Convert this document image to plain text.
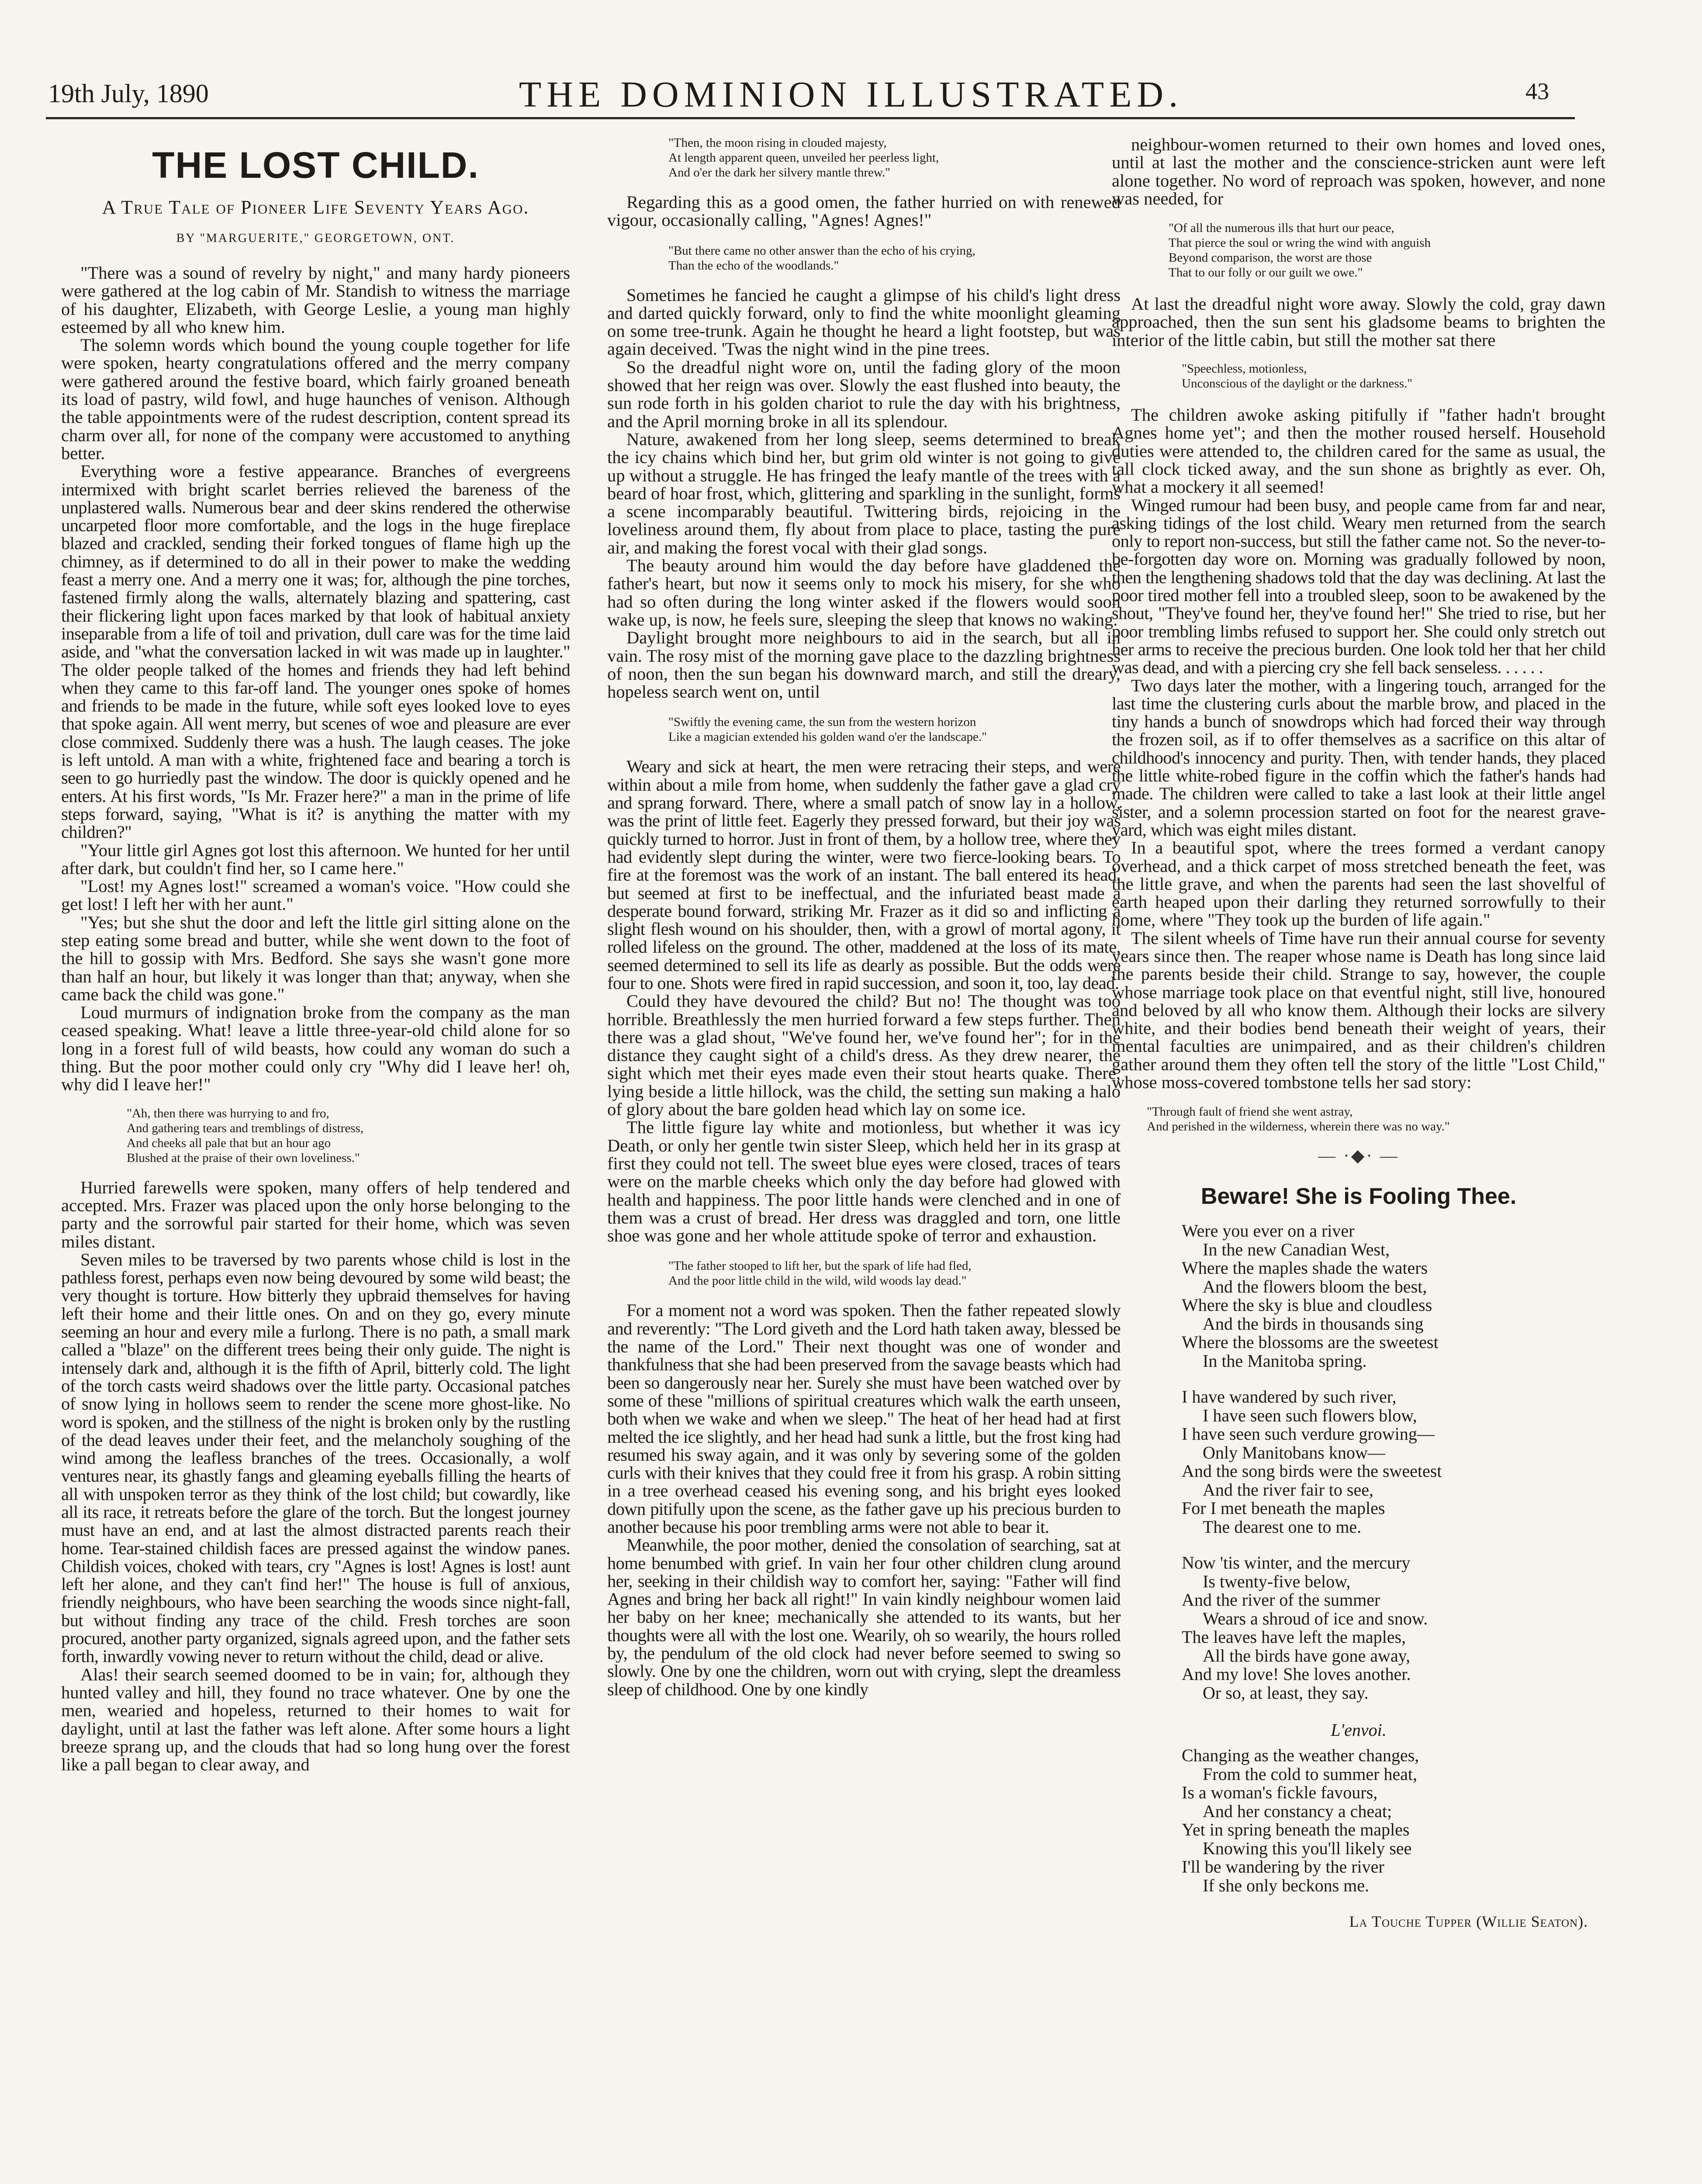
19th July, 1890	THE DOMINION ILLUSTRATED.	43
THE LOST CHILD.
A True Tale of Pioneer Life Seventy Years Ago.
BY "MARGUERITE," GEORGETOWN, ONT.

"There was a sound of revelry by night," and many hardy pioneers were gathered at the log cabin of Mr. Standish to witness the marriage of his daughter, Elizabeth, with George Leslie, a young man highly esteemed by all who knew him.

The solemn words which bound the young couple together for life were spoken, hearty congratulations offered and the merry company were gathered around the festive board, which fairly groaned beneath its load of pastry, wild fowl, and huge haunches of venison. Although the table appointments were of the rudest description, content spread its charm over all, for none of the company were accustomed to anything better.

Everything wore a festive appearance. Branches of evergreens intermixed with bright scarlet berries relieved the bareness of the unplastered walls. Numerous bear and deer skins rendered the otherwise uncarpeted floor more comfortable, and the logs in the huge fireplace blazed and crackled, sending their forked tongues of flame high up the chimney, as if determined to do all in their power to make the wedding feast a merry one. And a merry one it was; for, although the pine torches, fastened firmly along the walls, alternately blazing and spattering, cast their flickering light upon faces marked by that look of habitual anxiety inseparable from a life of toil and privation, dull care was for the time laid aside, and "what the conversation lacked in wit was made up in laughter." The older people talked of the homes and friends they had left behind when they came to this far-off land. The younger ones spoke of homes and friends to be made in the future, while soft eyes looked love to eyes that spoke again. All went merry, but scenes of woe and pleasure are ever close commixed. Suddenly there was a hush. The laugh ceases. The joke is left untold. A man with a white, frightened face and bearing a torch is seen to go hurriedly past the window. The door is quickly opened and he enters. At his first words, "Is Mr. Frazer here?" a man in the prime of life steps forward, saying, "What is it? is anything the matter with my children?"

"Your little girl Agnes got lost this afternoon. We hunted for her until after dark, but couldn't find her, so I came here."

"Lost! my Agnes lost!" screamed a woman's voice. "How could she get lost! I left her with her aunt."

"Yes; but she shut the door and left the little girl sitting alone on the step eating some bread and butter, while she went down to the foot of the hill to gossip with Mrs. Bedford. She says she wasn't gone more than half an hour, but likely it was longer than that; anyway, when she came back the child was gone."

Loud murmurs of indignation broke from the company as the man ceased speaking. What! leave a little three-year-old child alone for so long in a forest full of wild beasts, how could any woman do such a thing. But the poor mother could only cry "Why did I leave her! oh, why did I leave her!"

"Ah, then there was hurrying to and fro,
And gathering tears and tremblings of distress,
And cheeks all pale that but an hour ago
Blushed at the praise of their own loveliness."

Hurried farewells were spoken, many offers of help tendered and accepted. Mrs. Frazer was placed upon the only horse belonging to the party and the sorrowful pair started for their home, which was seven miles distant.

Seven miles to be traversed by two parents whose child is lost in the pathless forest, perhaps even now being devoured by some wild beast; the very thought is torture. How bitterly they upbraid themselves for having left their home and their little ones. On and on they go, every minute seeming an hour and every mile a furlong. There is no path, a small mark called a "blaze" on the different trees being their only guide. The night is intensely dark and, although it is the fifth of April, bitterly cold. The light of the torch casts weird shadows over the little party. Occasional patches of snow lying in hollows seem to render the scene more ghost-like. No word is spoken, and the stillness of the night is broken only by the rustling of the dead leaves under their feet, and the melancholy soughing of the wind among the leafless branches of the trees. Occasionally, a wolf ventures near, its ghastly fangs and gleaming eyeballs filling the hearts of all with unspoken terror as they think of the lost child; but cowardly, like all its race, it retreats before the glare of the torch. But the longest journey must have an end, and at last the almost distracted parents reach their home. Tear-stained childish faces are pressed against the window panes. Childish voices, choked with tears, cry "Agnes is lost! Agnes is lost! aunt left her alone, and they can't find her!" The house is full of anxious, friendly neighbours, who have been searching the woods since night-fall, but without finding any trace of the child. Fresh torches are soon procured, another party organized, signals agreed upon, and the father sets forth, inwardly vowing never to return without the child, dead or alive.

Alas! their search seemed doomed to be in vain; for, although they hunted valley and hill, they found no trace whatever. One by one the men, wearied and hopeless, returned to their homes to wait for daylight, until at last the father was left alone. After some hours a light breeze sprang up, and the clouds that had so long hung over the forest like a pall began to clear away, and

"Then, the moon rising in clouded majesty,
At length apparent queen, unveiled her peerless light,
And o'er the dark her silvery mantle threw."

Regarding this as a good omen, the father hurried on with renewed vigour, occasionally calling, "Agnes! Agnes!"

"But there came no other answer than the echo of his crying,
Than the echo of the woodlands."

Sometimes he fancied he caught a glimpse of his child's light dress and darted quickly forward, only to find the white moonlight gleaming on some tree-trunk. Again he thought he heard a light footstep, but was again deceived. 'Twas the night wind in the pine trees.

So the dreadful night wore on, until the fading glory of the moon showed that her reign was over. Slowly the east flushed into beauty, the sun rode forth in his golden chariot to rule the day with his brightness, and the April morning broke in all its splendour.

Nature, awakened from her long sleep, seems determined to break the icy chains which bind her, but grim old winter is not going to give up without a struggle. He has fringed the leafy mantle of the trees with a beard of hoar frost, which, glittering and sparkling in the sunlight, forms a scene incomparably beautiful. Twittering birds, rejoicing in the loveliness around them, fly about from place to place, tasting the pure air, and making the forest vocal with their glad songs.

The beauty around him would the day before have gladdened the father's heart, but now it seems only to mock his misery, for she who had so often during the long winter asked if the flowers would soon wake up, is now, he feels sure, sleeping the sleep that knows no waking.

Daylight brought more neighbours to aid in the search, but all in vain. The rosy mist of the morning gave place to the dazzling brightness of noon, then the sun began his downward march, and still the dreary, hopeless search went on, until

"Swiftly the evening came, the sun from the western horizon
Like a magician extended his golden wand o'er the landscape."

Weary and sick at heart, the men were retracing their steps, and were within about a mile from home, when suddenly the father gave a glad cry and sprang forward. There, where a small patch of snow lay in a hollow, was the print of little feet. Eagerly they pressed forward, but their joy was quickly turned to horror. Just in front of them, by a hollow tree, where they had evidently slept during the winter, were two fierce-looking bears. To fire at the foremost was the work of an instant. The ball entered its head, but seemed at first to be ineffectual, and the infuriated beast made a desperate bound forward, striking Mr. Frazer as it did so and inflicting a slight flesh wound on his shoulder, then, with a growl of mortal agony, it rolled lifeless on the ground. The other, maddened at the loss of its mate, seemed determined to sell its life as dearly as possible. But the odds were four to one. Shots were fired in rapid succession, and soon it, too, lay dead.

Could they have devoured the child? But no! The thought was too horrible. Breathlessly the men hurried forward a few steps further. Then there was a glad shout, "We've found her, we've found her"; for in the distance they caught sight of a child's dress. As they drew nearer, the sight which met their eyes made even their stout hearts quake. There, lying beside a little hillock, was the child, the setting sun making a halo of glory about the bare golden head which lay on some ice.

The little figure lay white and motionless, but whether it was icy Death, or only her gentle twin sister Sleep, which held her in its grasp at first they could not tell. The sweet blue eyes were closed, traces of tears were on the marble cheeks which only the day before had glowed with health and happiness. The poor little hands were clenched and in one of them was a crust of bread. Her dress was draggled and torn, one little shoe was gone and her whole attitude spoke of terror and exhaustion.

"The father stooped to lift her, but the spark of life had fled,
And the poor little child in the wild, wild woods lay dead."

For a moment not a word was spoken. Then the father repeated slowly and reverently: "The Lord giveth and the Lord hath taken away, blessed be the name of the Lord." Their next thought was one of wonder and thankfulness that she had been preserved from the savage beasts which had been so dangerously near her. Surely she must have been watched over by some of these "millions of spiritual creatures which walk the earth unseen, both when we wake and when we sleep." The heat of her head had at first melted the ice slightly, and her head had sunk a little, but the frost king had resumed his sway again, and it was only by severing some of the golden curls with their knives that they could free it from his grasp. A robin sitting in a tree overhead ceased his evening song, and his bright eyes looked down pitifully upon the scene, as the father gave up his precious burden to another because his poor trembling arms were not able to bear it.

Meanwhile, the poor mother, denied the consolation of searching, sat at home benumbed with grief. In vain her four other children clung around her, seeking in their childish way to comfort her, saying: "Father will find Agnes and bring her back all right!" In vain kindly neighbour women laid her baby on her knee; mechanically she attended to its wants, but her thoughts were all with the lost one. Wearily, oh so wearily, the hours rolled by, the pendulum of the old clock had never before seemed to swing so slowly. One by one the children, worn out with crying, slept the dreamless sleep of childhood. One by one kindly

neighbour-women returned to their own homes and loved ones, until at last the mother and the conscience-stricken aunt were left alone together. No word of reproach was spoken, however, and none was needed, for

"Of all the numerous ills that hurt our peace,
That pierce the soul or wring the wind with anguish
Beyond comparison, the worst are those
That to our folly or our guilt we owe."

At last the dreadful night wore away. Slowly the cold, gray dawn approached, then the sun sent his gladsome beams to brighten the interior of the little cabin, but still the mother sat there

"Speechless, motionless,
Unconscious of the daylight or the darkness."

The children awoke asking pitifully if "father hadn't brought Agnes home yet"; and then the mother roused herself. Household duties were attended to, the children cared for the same as usual, the tall clock ticked away, and the sun shone as brightly as ever. Oh, what a mockery it all seemed!

Winged rumour had been busy, and people came from far and near, asking tidings of the lost child. Weary men returned from the search only to report non-success, but still the father came not. So the never-to-be-forgotten day wore on. Morning was gradually followed by noon, then the lengthening shadows told that the day was declining. At last the poor tired mother fell into a troubled sleep, soon to be awakened by the shout, "They've found her, they've found her!" She tried to rise, but her poor trembling limbs refused to support her. She could only stretch out her arms to receive the precious burden. One look told her that her child was dead, and with a piercing cry she fell back senseless. . . . . .

Two days later the mother, with a lingering touch, arranged for the last time the clustering curls about the marble brow, and placed in the tiny hands a bunch of snowdrops which had forced their way through the frozen soil, as if to offer themselves as a sacrifice on this altar of childhood's innocency and purity. Then, with tender hands, they placed the little white-robed figure in the coffin which the father's hands had made. The children were called to take a last look at their little angel sister, and a solemn procession started on foot for the nearest grave-yard, which was eight miles distant.

In a beautiful spot, where the trees formed a verdant canopy overhead, and a thick carpet of moss stretched beneath the feet, was the little grave, and when the parents had seen the last shovelful of earth heaped upon their darling they returned sorrowfully to their home, where "They took up the burden of life again."

The silent wheels of Time have run their annual course for seventy years since then. The reaper whose name is Death has long since laid the parents beside their child. Strange to say, however, the couple whose marriage took place on that eventful night, still live, honoured and beloved by all who know them. Although their locks are silvery white, and their bodies bend beneath their weight of years, their mental faculties are unimpaired, and as their children's children gather around them they often tell the story of the little "Lost Child," whose moss-covered tombstone tells her sad story:

"Through fault of friend she went astray,
And perished in the wilderness, wherein there was no way."
— ·◆· —
Beware! She is Fooling Thee.
Were you ever on a river
In the new Canadian West,
Where the maples shade the waters
And the flowers bloom the best,
Where the sky is blue and cloudless
And the birds in thousands sing
Where the blossoms are the sweetest
In the Manitoba spring.
I have wandered by such river,
I have seen such flowers blow,
I have seen such verdure growing—
Only Manitobans know—
And the song birds were the sweetest
And the river fair to see,
For I met beneath the maples
The dearest one to me.
Now 'tis winter, and the mercury
Is twenty-five below,
And the river of the summer
Wears a shroud of ice and snow.
The leaves have left the maples,
All the birds have gone away,
And my love! She loves another.
Or so, at least, they say.
L'envoi.
Changing as the weather changes,
From the cold to summer heat,
Is a woman's fickle favours,
And her constancy a cheat;
Yet in spring beneath the maples
Knowing this you'll likely see
I'll be wandering by the river
If she only beckons me.
La Touche Tupper (Willie Seaton).
